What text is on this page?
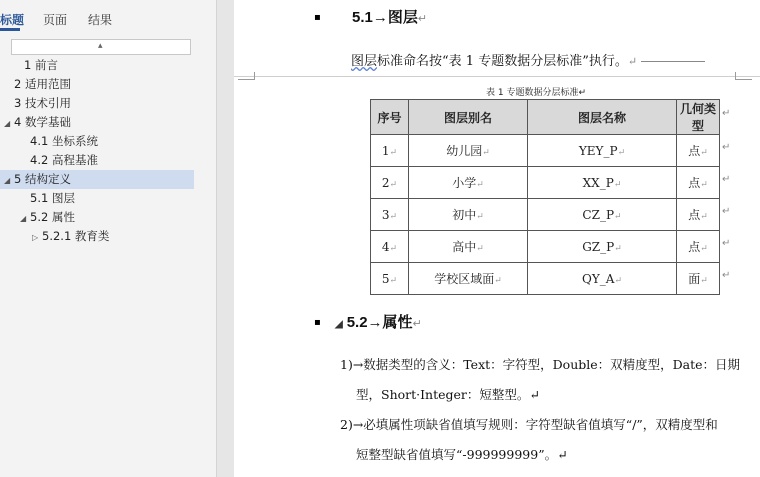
标题 页面 结果
▴
1 前言
2 适用范围
3 技术引用
◢ 4 数学基础
4.1 坐标系统
4.2 高程基准
◢ 5 结构定义
5.1 图层
◢ 5.2 属性
▷ 5.2.1 教育类
▪ 5.1→图层↵
图层标准命名按“表 1 专题数据分层标准”执行。↵
表 1 专题数据分层标准↵
序号	图层别名	图层名称	几何类型
1↵	幼儿园↵	YEY_P↵	点↵
2↵	小学↵	XX_P↵	点↵
3↵	初中↵	CZ_P↵	点↵
4↵	高中↵	GZ_P↵	点↵
5↵	学校区域面↵	QY_A↵	面↵
↵
↵
↵
↵
↵
↵
▪ ◢ 5.2→属性↵
1)→数据类型的含义：Text：字符型，Double：双精度型，Date：日期
型，Short·Integer：短整型。↵
2)→必填属性项缺省值填写规则：字符型缺省值填写“/”，双精度型和
短整型缺省值填写“-999999999”。↵
